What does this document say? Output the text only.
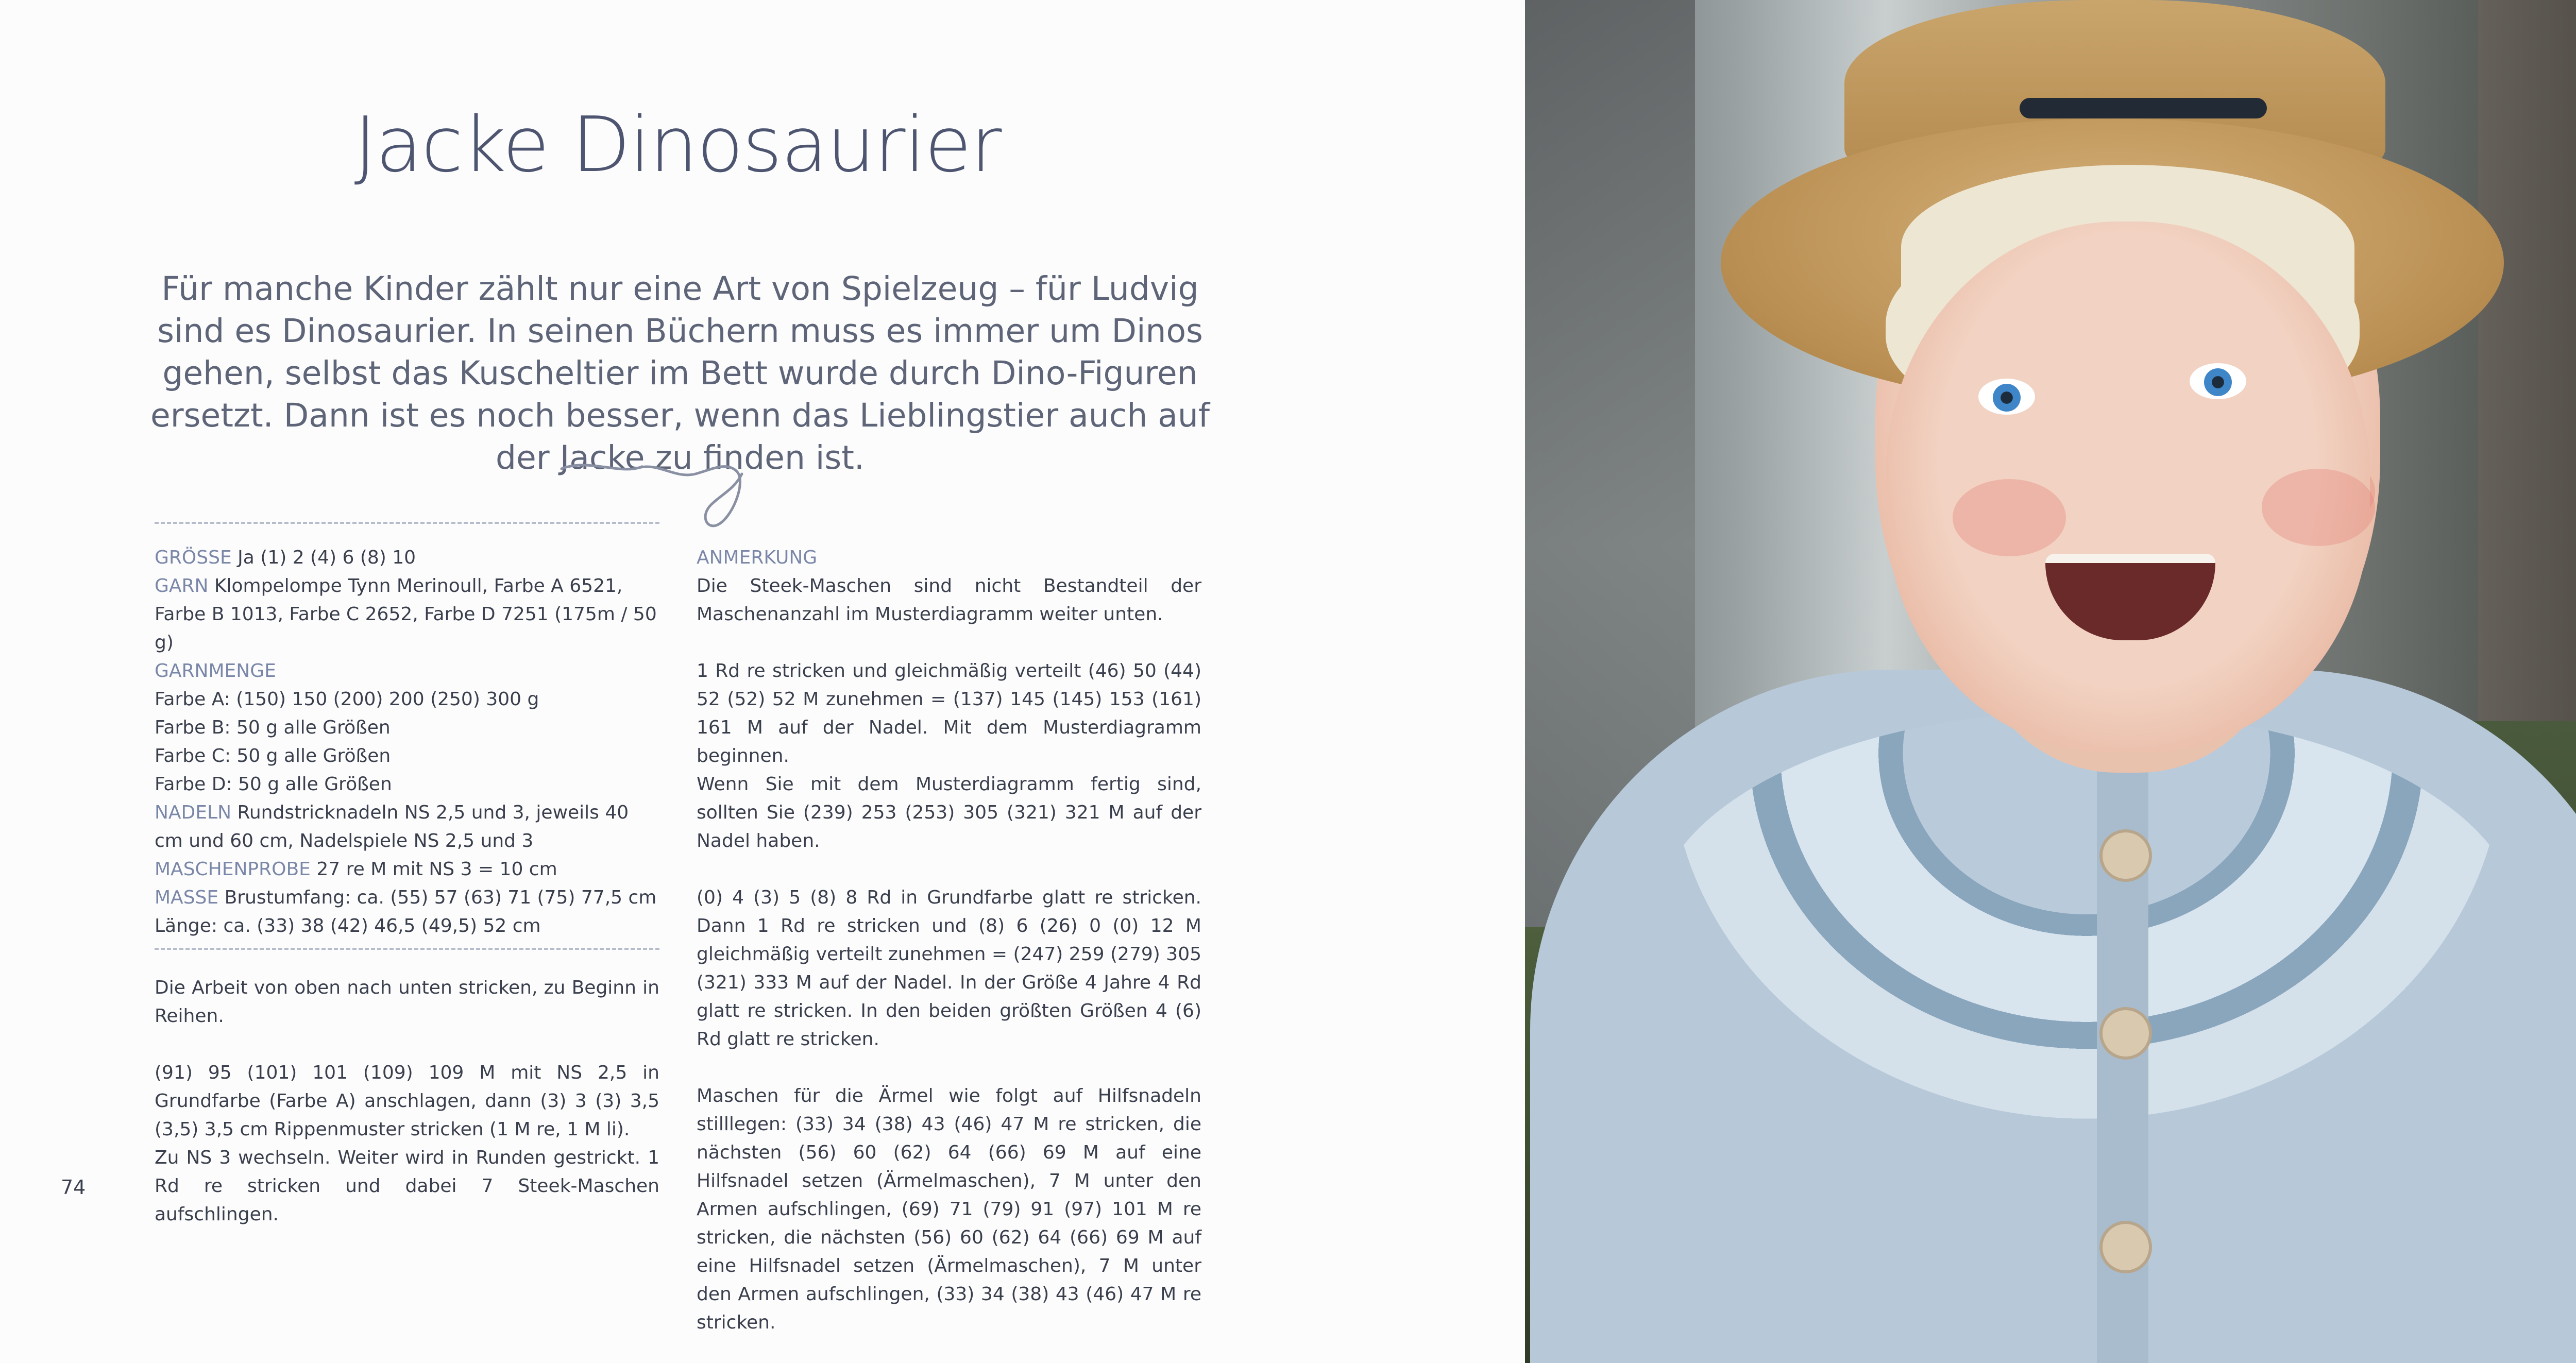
Jacke Dinosaurier
Für manche Kinder zählt nur eine Art von Spielzeug – für Ludvig sind es Dinosaurier. In seinen Büchern muss es immer um Dinos gehen, selbst das Kuscheltier im Bett wurde durch Dino-Figuren ersetzt. Dann ist es noch besser, wenn das Lieblingstier auch auf der Jacke zu finden ist.

GRÖSSE Ja (1) 2 (4) 6 (8) 10

GARN Klompelompe Tynn Merinoull, Farbe A 6521, Farbe B 1013, Farbe C 2652, Farbe D 7251 (175m / 50 g)

GARNMENGE

Farbe A: (150) 150 (200) 200 (250) 300 g

Farbe B: 50 g alle Größen

Farbe C: 50 g alle Größen

Farbe D: 50 g alle Größen

NADELN Rundstricknadeln NS 2,5 und 3, jeweils 40 cm und 60 cm, Nadelspiele NS 2,5 und 3

MASCHENPROBE 27 re M mit NS 3 = 10 cm

MASSE Brustumfang: ca. (55) 57 (63) 71 (75) 77,5 cm

Länge: ca. (33) 38 (42) 46,5 (49,5) 52 cm

Die Arbeit von oben nach unten stricken, zu Beginn in Reihen.

(91) 95 (101) 101 (109) 109 M mit NS 2,5 in Grundfarbe (Farbe A) anschlagen, dann (3) 3 (3) 3,5 (3,5) 3,5 cm Rippenmuster stricken (1 M re, 1 M li).

Zu NS 3 wechseln. Weiter wird in Runden gestrickt. 1 Rd re stricken und dabei 7 Steek-Maschen aufschlingen.

ANMERKUNG

Die Steek-Maschen sind nicht Bestandteil der Maschenanzahl im Musterdiagramm weiter unten.

1 Rd re stricken und gleichmäßig verteilt (46) 50 (44) 52 (52) 52 M zunehmen = (137) 145 (145) 153 (161) 161 M auf der Nadel. Mit dem Musterdiagramm beginnen.

Wenn Sie mit dem Musterdiagramm fertig sind, sollten Sie (239) 253 (253) 305 (321) 321 M auf der Nadel haben.

(0) 4 (3) 5 (8) 8 Rd in Grundfarbe glatt re stricken. Dann 1 Rd re stricken und (8) 6 (26) 0 (0) 12 M gleichmäßig verteilt zunehmen = (247) 259 (279) 305 (321) 333 M auf der Nadel. In der Größe 4 Jahre 4 Rd glatt re stricken. In den beiden größten Größen 4 (6) Rd glatt re stricken.

Maschen für die Ärmel wie folgt auf Hilfsnadeln stilllegen: (33) 34 (38) 43 (46) 47 M re stricken, die nächsten (56) 60 (62) 64 (66) 69 M auf eine Hilfsnadel setzen (Ärmelmaschen), 7 M unter den Armen aufschlingen, (69) 71 (79) 91 (97) 101 M re stricken, die nächsten (56) 60 (62) 64 (66) 69 M auf eine Hilfsnadel setzen (Ärmelmaschen), 7 M unter den Armen aufschlingen, (33) 34 (38) 43 (46) 47 M re stricken.

74
